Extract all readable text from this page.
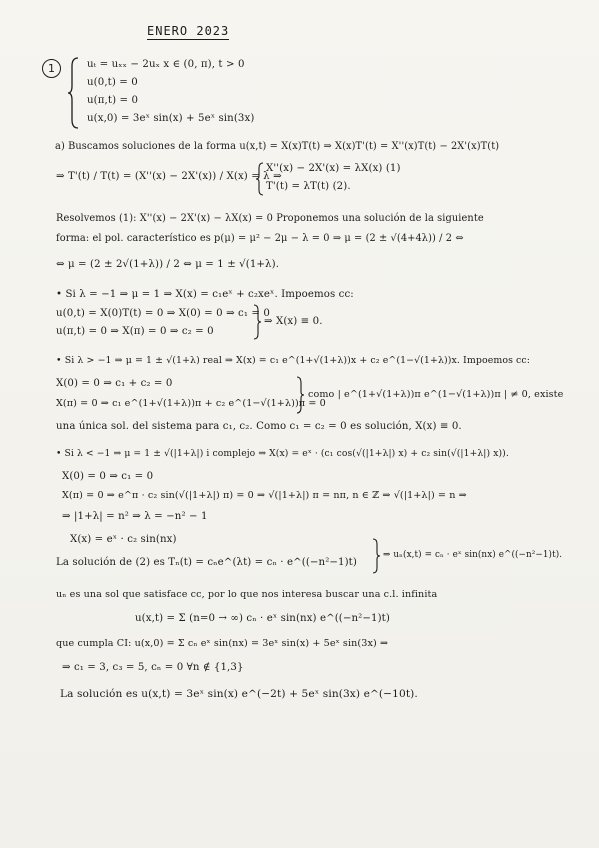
ENERO 2023
1	uₜ = uₓₓ − 2uₓ x ∈ (0, π), t > 0
u(0,t) = 0
u(π,t) = 0
u(x,0) = 3eˣ sin(x) + 5eˣ sin(3x)
a) Buscamos soluciones de la forma u(x,t) = X(x)T(t) ⇒ X(x)T'(t) = X''(x)T(t) − 2X'(x)T(t)
⇒ T'(t) / T(t) = (X''(x) − 2X'(x)) / X(x) = λ ⇒
X''(x) − 2X'(x) = λX(x) (1)
T'(t) = λT(t) (2).
Resolvemos (1): X''(x) − 2X'(x) − λX(x) = 0 Proponemos una solución de la siguiente
forma: el pol. característico es p(μ) = μ² − 2μ − λ = 0 ⇒ μ = (2 ± √(4+4λ)) / 2 ⇔
⇔ μ = (2 ± 2√(1+λ)) / 2 ⇔ μ = 1 ± √(1+λ).
• Si λ = −1 ⇒ μ = 1 ⇒ X(x) = c₁eˣ + c₂xeˣ. Impoemos cc:
u(0,t) = X(0)T(t) = 0 ⇒ X(0) = 0 ⇒ c₁ = 0
u(π,t) = 0 ⇒ X(π) = 0 ⇒ c₂ = 0
⇒ X(x) ≡ 0.
• Si λ > −1 ⇒ μ = 1 ± √(1+λ) real ⇒ X(x) = c₁ e^(1+√(1+λ))x + c₂ e^(1−√(1+λ))x. Impoemos cc:
X(0) = 0 ⇒ c₁ + c₂ = 0
X(π) = 0 ⇒ c₁ e^(1+√(1+λ))π + c₂ e^(1−√(1+λ))π = 0
como | e^(1+√(1+λ))π e^(1−√(1+λ))π | ≠ 0, existe
una única sol. del sistema para c₁, c₂. Como c₁ = c₂ = 0 es solución, X(x) ≡ 0.
• Si λ < −1 ⇒ μ = 1 ± √(|1+λ|) i complejo ⇒ X(x) = eˣ · (c₁ cos(√(|1+λ|) x) + c₂ sin(√(|1+λ|) x)).
X(0) = 0 ⇒ c₁ = 0
X(π) = 0 ⇒ e^π · c₂ sin(√(|1+λ|) π) = 0 ⇒ √(|1+λ|) π = nπ, n ∈ ℤ ⇒ √(|1+λ|) = n ⇒
⇒ |1+λ| = n² ⇒ λ = −n² − 1
X(x) = eˣ · c₂ sin(nx)
La solución de (2) es Tₙ(t) = cₙe^(λt) = cₙ · e^((−n²−1)t)
⇒ uₙ(x,t) = cₙ · eˣ sin(nx) e^((−n²−1)t).
uₙ es una sol que satisface cc, por lo que nos interesa buscar una c.l. infinita
u(x,t) = Σ (n=0 → ∞) cₙ · eˣ sin(nx) e^((−n²−1)t)
que cumpla CI: u(x,0) = Σ cₙ eˣ sin(nx) = 3eˣ sin(x) + 5eˣ sin(3x) ⇒
⇒ c₁ = 3, c₃ = 5, cₙ = 0 ∀n ∉ {1,3}
La solución es u(x,t) = 3eˣ sin(x) e^(−2t) + 5eˣ sin(3x) e^(−10t).
